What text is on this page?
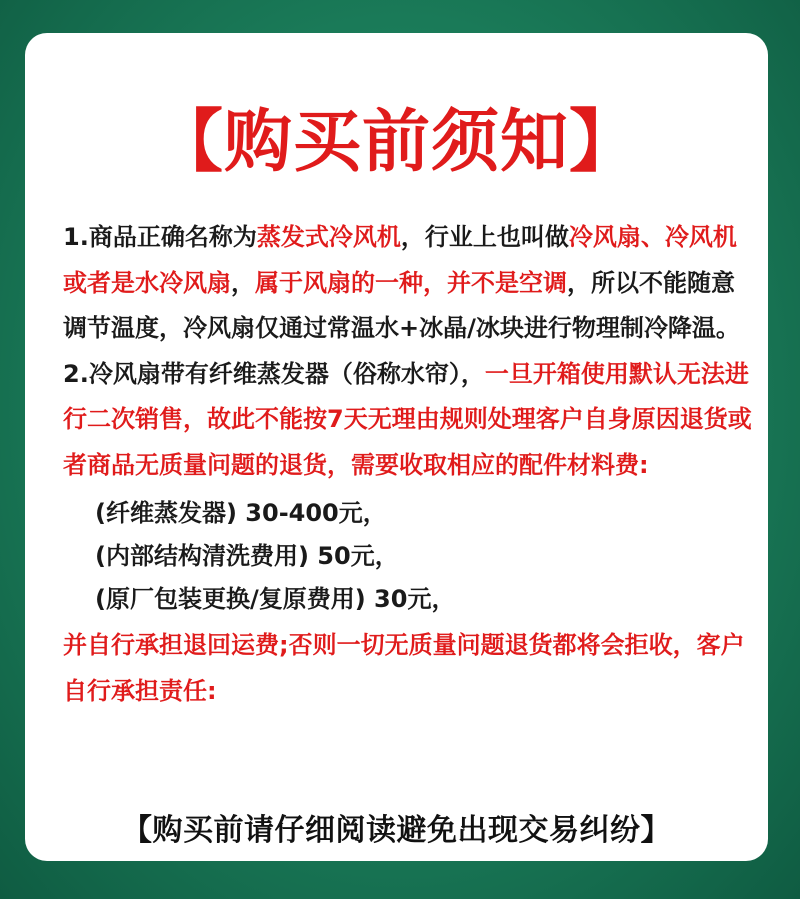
【购买前须知】

1.商品正确名称为蒸发式冷风机，行业上也叫做冷风扇、冷风机或者是水冷风扇，属于风扇的一种，并不是空调，所以不能随意调节温度，冷风扇仅通过常温水+冰晶/冰块进行物理制冷降温。

2.冷风扇带有纤维蒸发器（俗称水帘），一旦开箱使用默认无法进行二次销售，故此不能按7天无理由规则处理客户自身原因退货或者商品无质量问题的退货，需要收取相应的配件材料费:

(纤维蒸发器) 30-400元，

(内部结构清洗费用) 50元，

(原厂包装更换/复原费用) 30元，

并自行承担退回运费;否则一切无质量问题退货都将会拒收，客户自行承担责任:

【购买前请仔细阅读避免出现交易纠纷】
